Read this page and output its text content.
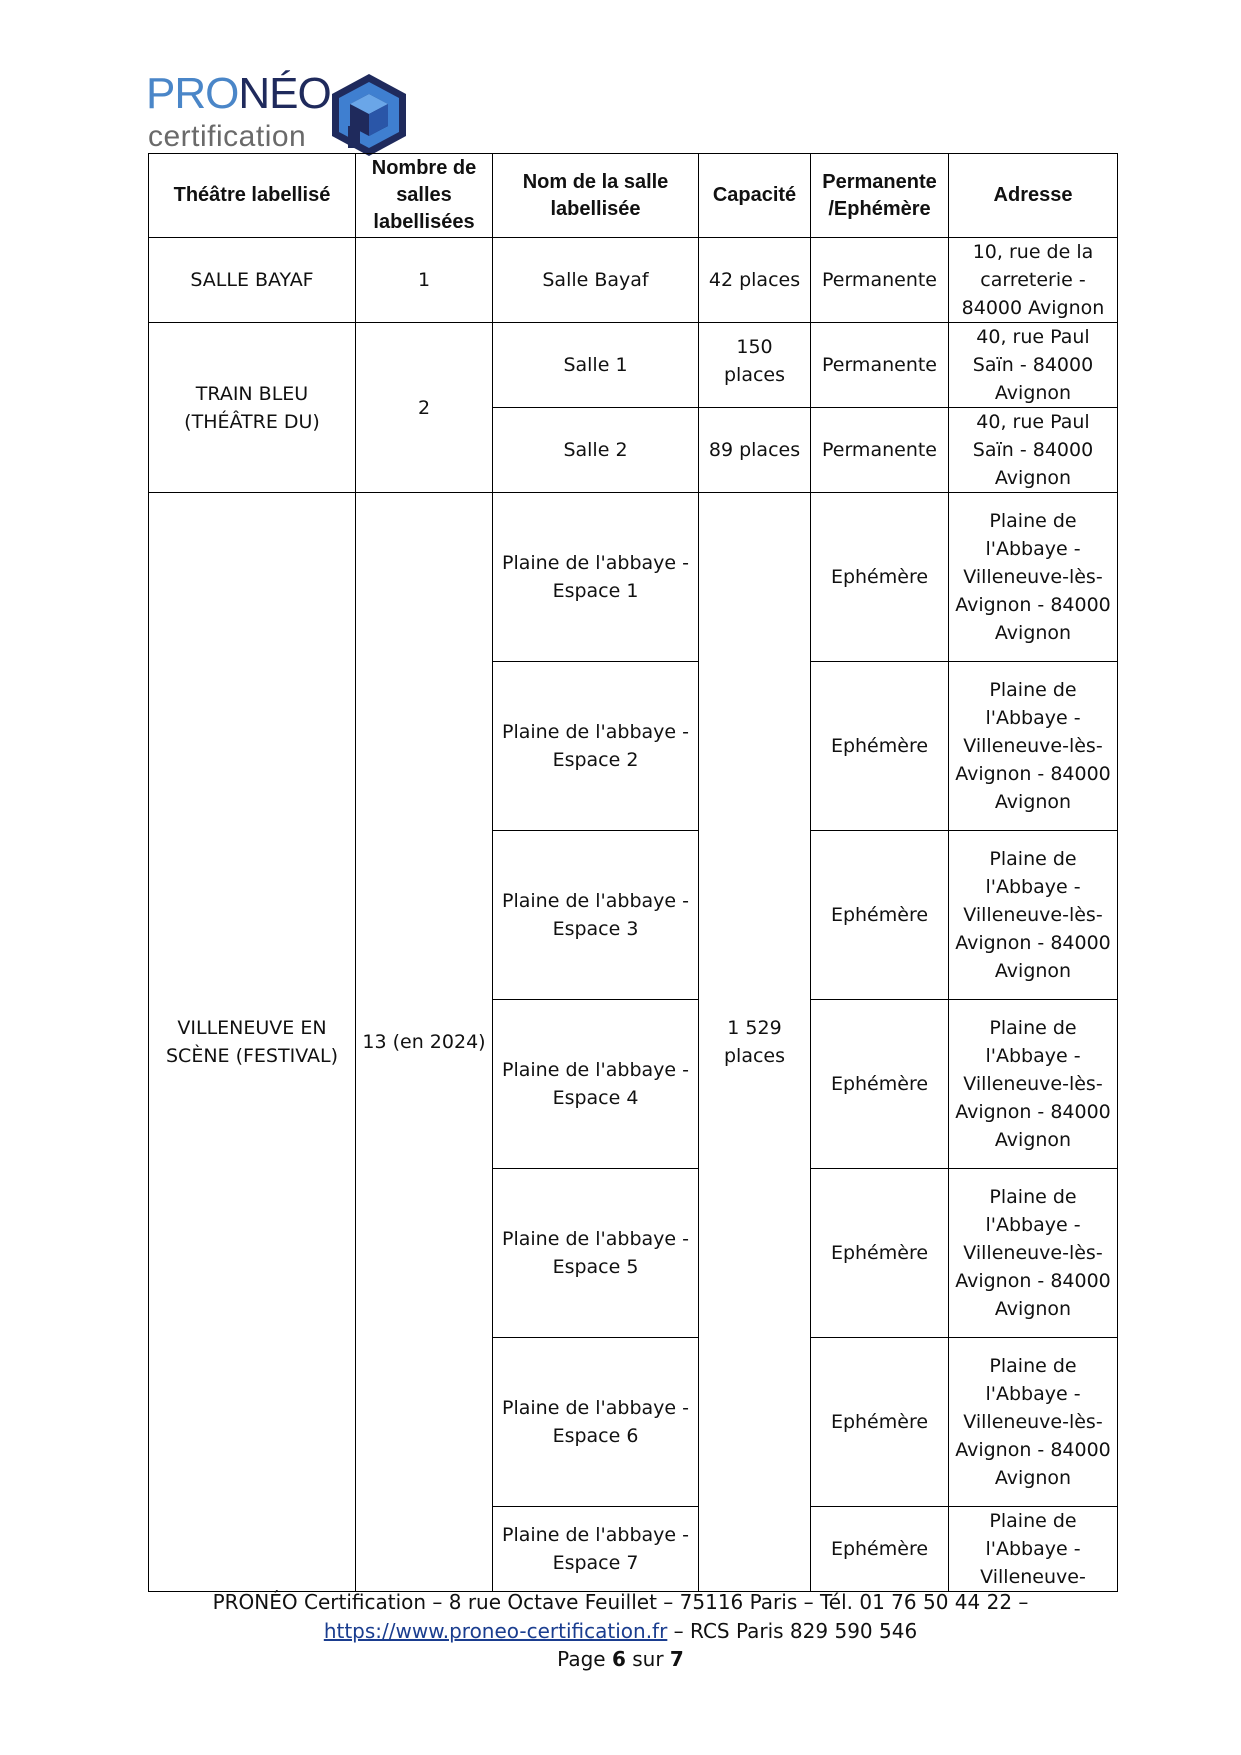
PRONÉO
certification
Théâtre labellisé	Nombre de salles labellisées	Nom de la salle labellisée	Capacité	Permanente /Ephémère	Adresse
SALLE BAYAF	1	Salle Bayaf	42 places	Permanente	10, rue de la carreterie - 84000 Avignon
TRAIN BLEU (THÉÂTRE DU)	2	Salle 1	150 places	Permanente	40, rue Paul Saïn - 84000 Avignon
		Salle 2	89 places	Permanente	40, rue Paul Saïn - 84000 Avignon
VILLENEUVE EN SCÈNE (FESTIVAL)	13 (en 2024)	Plaine de l'abbaye - Espace 1	1 529 places	Ephémère	Plaine de l'Abbaye - Villeneuve-lès-Avignon - 84000 Avignon
		Plaine de l'abbaye - Espace 2		Ephémère	Plaine de l'Abbaye - Villeneuve-lès-Avignon - 84000 Avignon
		Plaine de l'abbaye - Espace 3		Ephémère	Plaine de l'Abbaye - Villeneuve-lès-Avignon - 84000 Avignon
		Plaine de l'abbaye - Espace 4		Ephémère	Plaine de l'Abbaye - Villeneuve-lès-Avignon - 84000 Avignon
		Plaine de l'abbaye - Espace 5		Ephémère	Plaine de l'Abbaye - Villeneuve-lès-Avignon - 84000 Avignon
		Plaine de l'abbaye - Espace 6		Ephémère	Plaine de l'Abbaye - Villeneuve-lès-Avignon - 84000 Avignon
		Plaine de l'abbaye - Espace 7		Ephémère	Plaine de l'Abbaye - Villeneuve-
PRONÉO Certification – 8 rue Octave Feuillet – 75116 Paris – Tél. 01 76 50 44 22 –
https://www.proneo-certification.fr – RCS Paris 829 590 546
Page 6 sur 7
